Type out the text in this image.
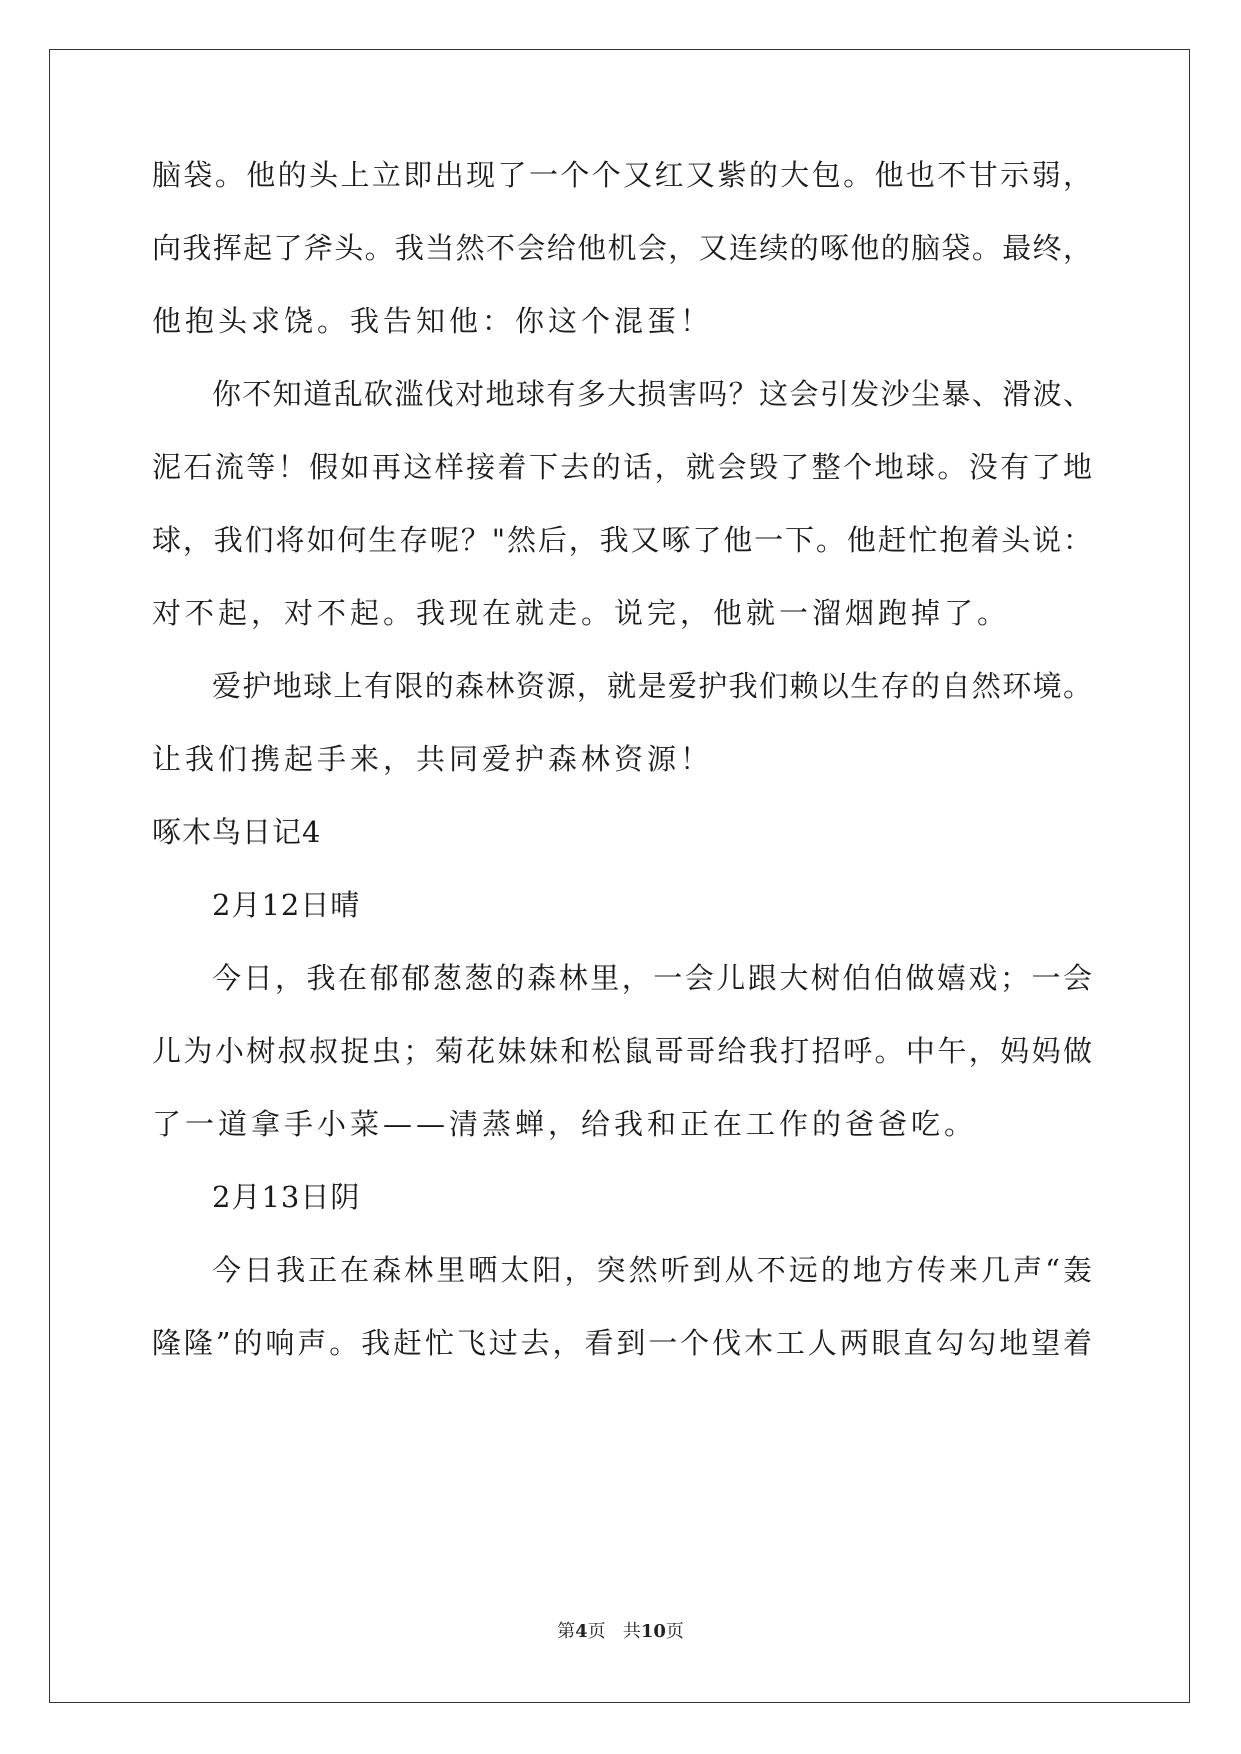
脑袋。他的头上立即出现了一个个又红又紫的大包。他也不甘示弱，
向我挥起了斧头。我当然不会给他机会，又连续的啄他的脑袋。最终，
他抱头求饶。我告知他：你这个混蛋！
你不知道乱砍滥伐对地球有多大损害吗？这会引发沙尘暴、滑波、
泥石流等！假如再这样接着下去的话，就会毁了整个地球。没有了地
球，我们将如何生存呢？"然后，我又啄了他一下。他赶忙抱着头说：
对不起，对不起。我现在就走。说完，他就一溜烟跑掉了。
爱护地球上有限的森林资源，就是爱护我们赖以生存的自然环境。
让我们携起手来，共同爱护森林资源！
啄木鸟日记4
2月12日晴
今日，我在郁郁葱葱的森林里，一会儿跟大树伯伯做嬉戏；一会
儿为小树叔叔捉虫；菊花妹妹和松鼠哥哥给我打招呼。中午，妈妈做
了一道拿手小菜——清蒸蝉，给我和正在工作的爸爸吃。
2月13日阴
今日我正在森林里晒太阳，突然听到从不远的地方传来几声“轰
隆隆”的响声。我赶忙飞过去，看到一个伐木工人两眼直勾勾地望着
第4页 共10页
